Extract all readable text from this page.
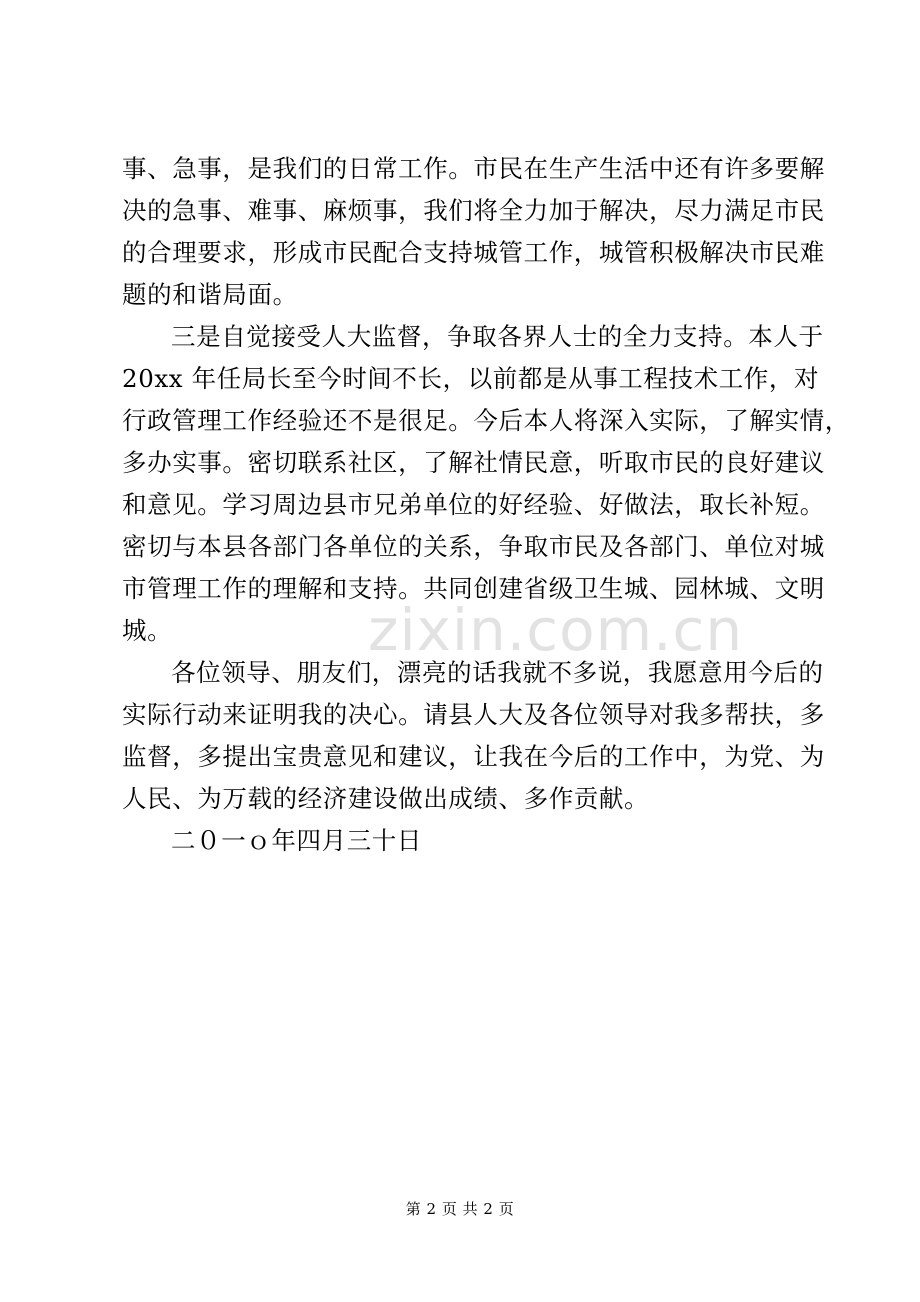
事、急事，是我们的日常工作。市民在生产生活中还有许多要解
决的急事、难事、麻烦事，我们将全力加于解决，尽力满足市民
的合理要求，形成市民配合支持城管工作，城管积极解决市民难
题的和谐局面。
三是自觉接受人大监督，争取各界人士的全力支持。本人于
20xx 年任局长至今时间不长，以前都是从事工程技术工作，对
行政管理工作经验还不是很足。今后本人将深入实际，了解实情，
多办实事。密切联系社区，了解社情民意，听取市民的良好建议
和意见。学习周边县市兄弟单位的好经验、好做法，取长补短。
密切与本县各部门各单位的关系，争取市民及各部门、单位对城
市管理工作的理解和支持。共同创建省级卫生城、园林城、文明
城。
各位领导、朋友们，漂亮的话我就不多说，我愿意用今后的
实际行动来证明我的决心。请县人大及各位领导对我多帮扶，多
监督，多提出宝贵意见和建议，让我在今后的工作中，为党、为
人民、为万载的经济建设做出成绩、多作贡献。
二０一ｏ年四月三十日
zixin.com.cn
第 2 页 共 2 页
